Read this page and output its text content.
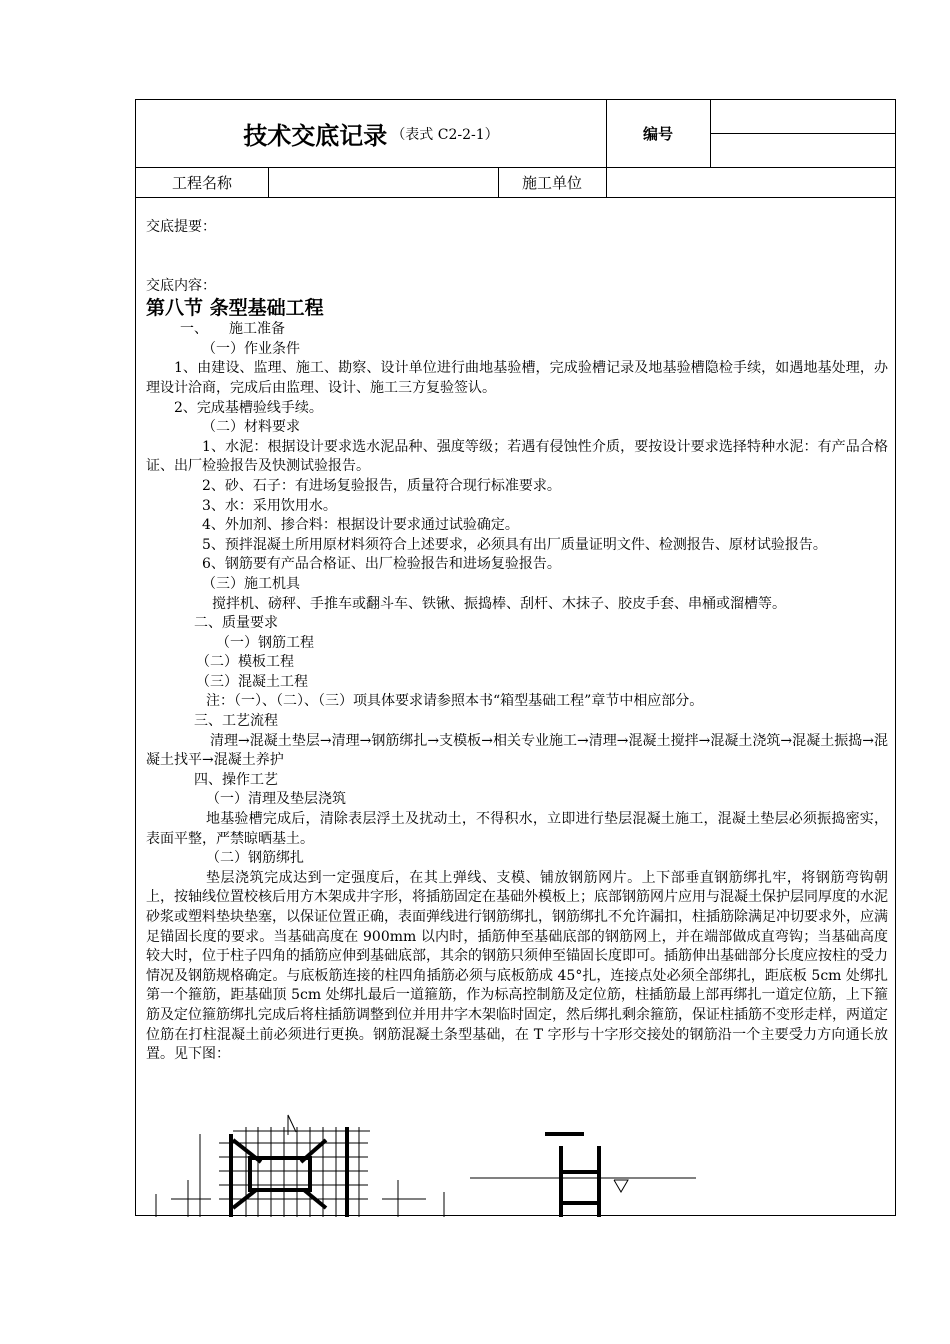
技术交底记录 （表式 C2-2-1）	编号
工程名称	施工单位

交底提要：

交底内容：

第八节 条型基础工程

一、　　施工准备

（一）作业条件

1、由建设、监理、施工、勘察、设计单位进行曲地基验槽，完成验槽记录及地基验槽隐检手续，如遇地基处理，办理设计洽商，完成后由监理、设计、施工三方复验签认。

2、完成基槽验线手续。

（二）材料要求

1、水泥：根据设计要求选水泥品种、强度等级；若遇有侵蚀性介质，要按设计要求选择特种水泥：有产品合格证、出厂检验报告及快测试验报告。

2、砂、石子：有进场复验报告，质量符合现行标准要求。

3、水：采用饮用水。

4、外加剂、掺合料：根据设计要求通过试验确定。

5、预拌混凝土所用原材料须符合上述要求，必须具有出厂质量证明文件、检测报告、原材试验报告。

6、钢筋要有产品合格证、出厂检验报告和进场复验报告。

（三）施工机具

搅拌机、磅秤、手推车或翻斗车、铁锹、振捣棒、刮杆、木抹子、胶皮手套、串桶或溜槽等。

二、质量要求

（一）钢筋工程

（二）模板工程

（三）混凝土工程

注：（一）、（二）、（三）项具体要求请参照本书“箱型基础工程”章节中相应部分。

三、工艺流程

清理→混凝土垫层→清理→钢筋绑扎→支模板→相关专业施工→清理→混凝土搅拌→混凝土浇筑→混凝土振捣→混凝土找平→混凝土养护

四、操作工艺

（一）清理及垫层浇筑

地基验槽完成后，清除表层浮土及扰动土，不得积水，立即进行垫层混凝土施工，混凝土垫层必须振捣密实，表面平整，严禁晾晒基土。

（二）钢筋绑扎

垫层浇筑完成达到一定强度后，在其上弹线、支模、铺放钢筋网片。上下部垂直钢筋绑扎牢，将钢筋弯钩朝上，按轴线位置校核后用方木架成井字形，将插筋固定在基础外模板上；底部钢筋网片应用与混凝土保护层同厚度的水泥砂浆或塑料垫块垫塞，以保证位置正确，表面弹线进行钢筋绑扎，钢筋绑扎不允许漏扣，柱插筋除满足冲切要求外，应满足锚固长度的要求。当基础高度在 900mm 以内时，插筋伸至基础底部的钢筋网上，并在端部做成直弯钩；当基础高度较大时，位于柱子四角的插筋应伸到基础底部，其余的钢筋只须伸至锚固长度即可。插筋伸出基础部分长度应按柱的受力情况及钢筋规格确定。与底板筋连接的柱四角插筋必须与底板筋成 45°扎，连接点处必须全部绑扎，距底板 5cm 处绑扎第一个箍筋，距基础顶 5cm 处绑扎最后一道箍筋，作为标高控制筋及定位筋，柱插筋最上部再绑扎一道定位筋，上下箍筋及定位箍筋绑扎完成后将柱插筋调整到位并用井字木架临时固定，然后绑扎剩余箍筋，保证柱插筋不变形走样，两道定位筋在打柱混凝土前必须进行更换。钢筋混凝土条型基础，在 T 字形与十字形交接处的钢筋沿一个主要受力方向通长放置。见下图：
